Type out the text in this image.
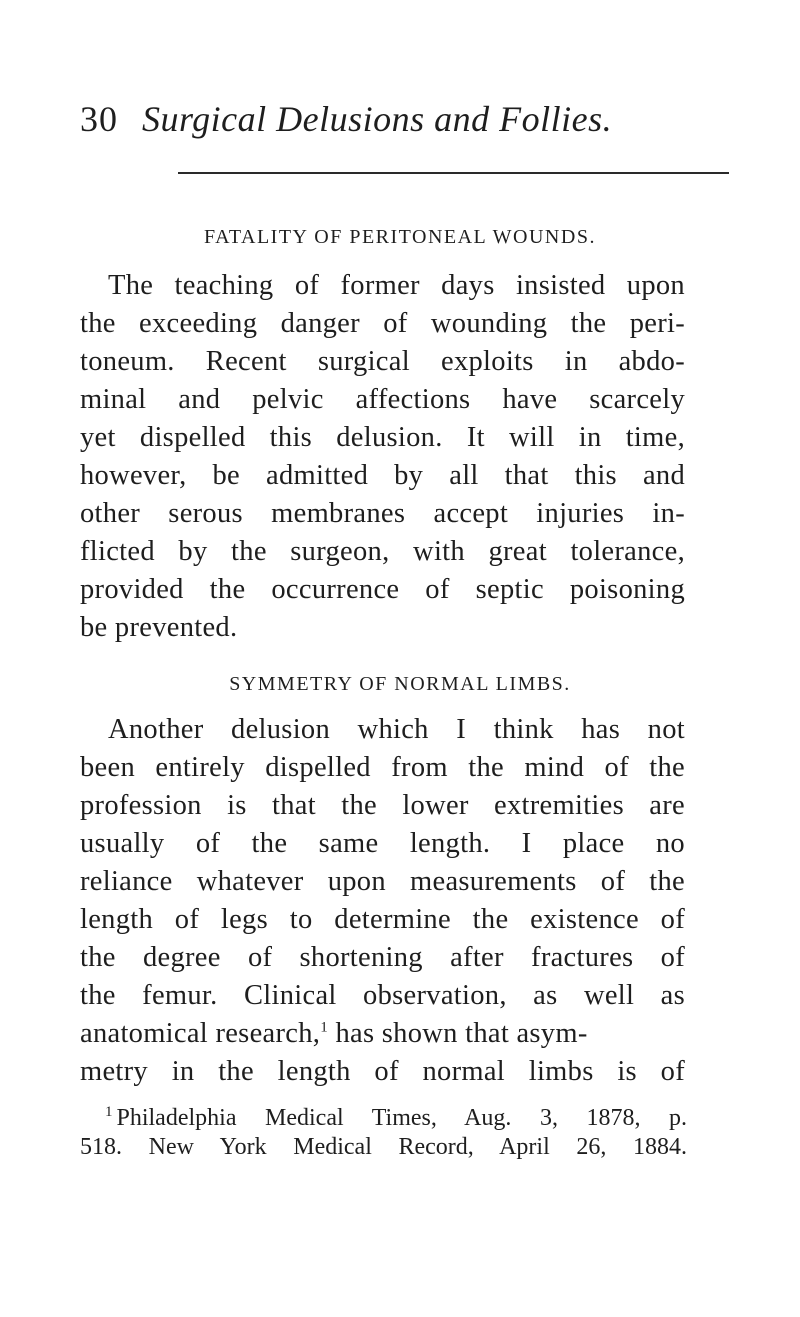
30 Surgical Delusions and Follies.
FATALITY OF PERITONEAL WOUNDS.
The teaching of former days insisted upon
the exceeding danger of wounding the peri-
toneum. Recent surgical exploits in abdo-
minal and pelvic affections have scarcely
yet dispelled this delusion. It will in time,
however, be admitted by all that this and
other serous membranes accept injuries in-
flicted by the surgeon, with great tolerance,
provided the occurrence of septic poisoning
be prevented.
SYMMETRY OF NORMAL LIMBS.
Another delusion which I think has not
been entirely dispelled from the mind of the
profession is that the lower extremities are
usually of the same length. I place no
reliance whatever upon measurements of the
length of legs to determine the existence of
the degree of shortening after fractures of
the femur. Clinical observation, as well as
anatomical research,$^1$ has shown that asym-
metry in the length of normal limbs is of
$^1$ Philadelphia Medical Times, Aug. 3, 1878, p.
518. New York Medical Record, April 26, 1884.
